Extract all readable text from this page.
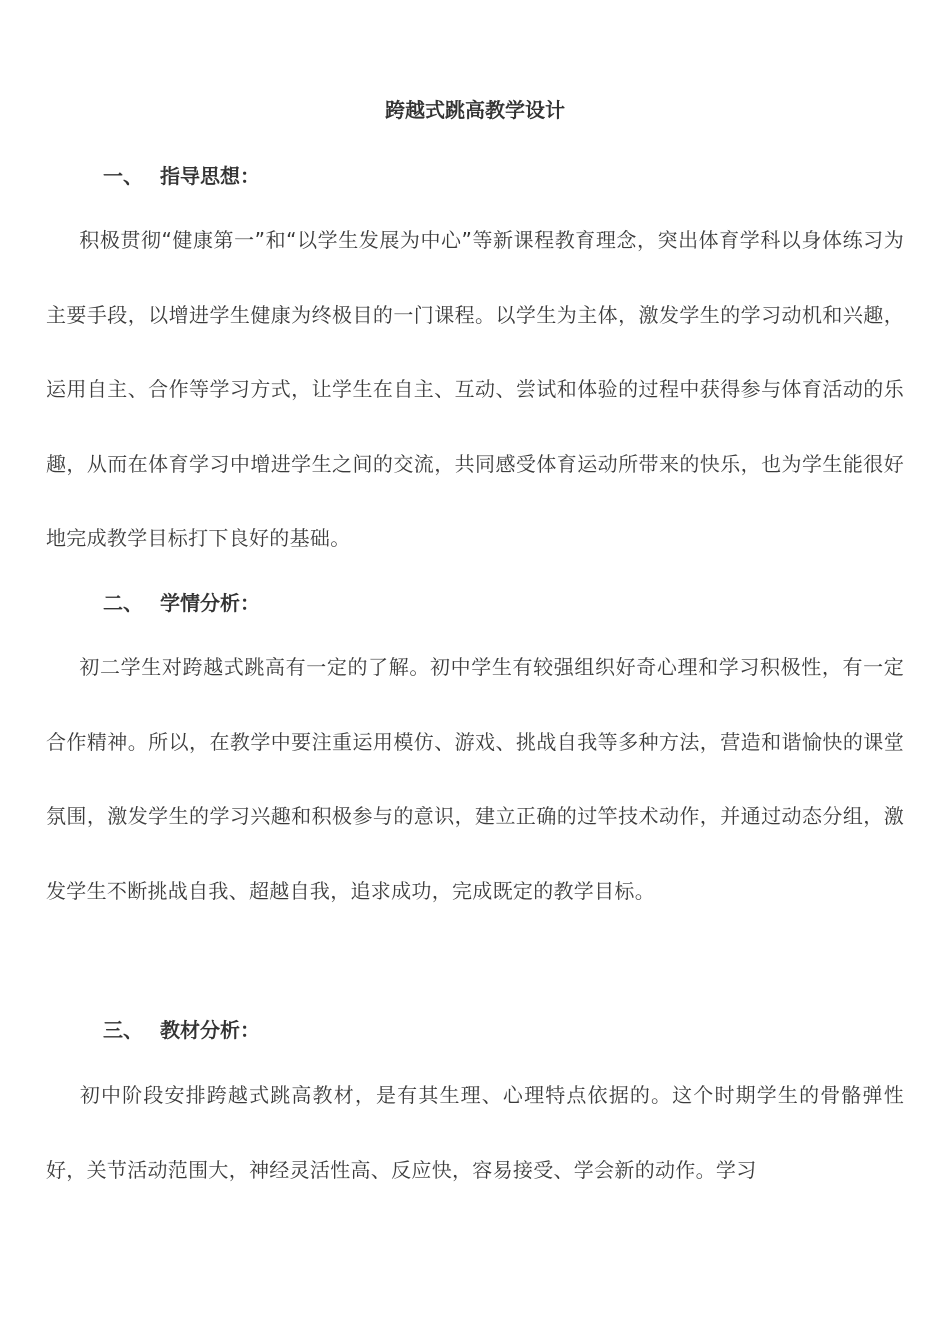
跨越式跳高教学设计
一、 指导思想：
积极贯彻“健康第一”和“以学生发展为中心”等新课程教育理念，突出体育学科以身体练习为主要手段，以增进学生健康为终极目的一门课程。以学生为主体，激发学生的学习动机和兴趣，运用自主、合作等学习方式，让学生在自主、互动、尝试和体验的过程中获得参与体育活动的乐趣，从而在体育学习中增进学生之间的交流，共同感受体育运动所带来的快乐，也为学生能很好地完成教学目标打下良好的基础。
二、 学情分析：
初二学生对跨越式跳高有一定的了解。初中学生有较强组织好奇心理和学习积极性，有一定合作精神。所以，在教学中要注重运用模仿、游戏、挑战自我等多种方法，营造和谐愉快的课堂氛围，激发学生的学习兴趣和积极参与的意识，建立正确的过竿技术动作，并通过动态分组，激发学生不断挑战自我、超越自我，追求成功，完成既定的教学目标。
三、 教材分析：
初中阶段安排跨越式跳高教材，是有其生理、心理特点依据的。这个时期学生的骨骼弹性好，关节活动范围大，神经灵活性高、反应快，容易接受、学会新的动作。学习
